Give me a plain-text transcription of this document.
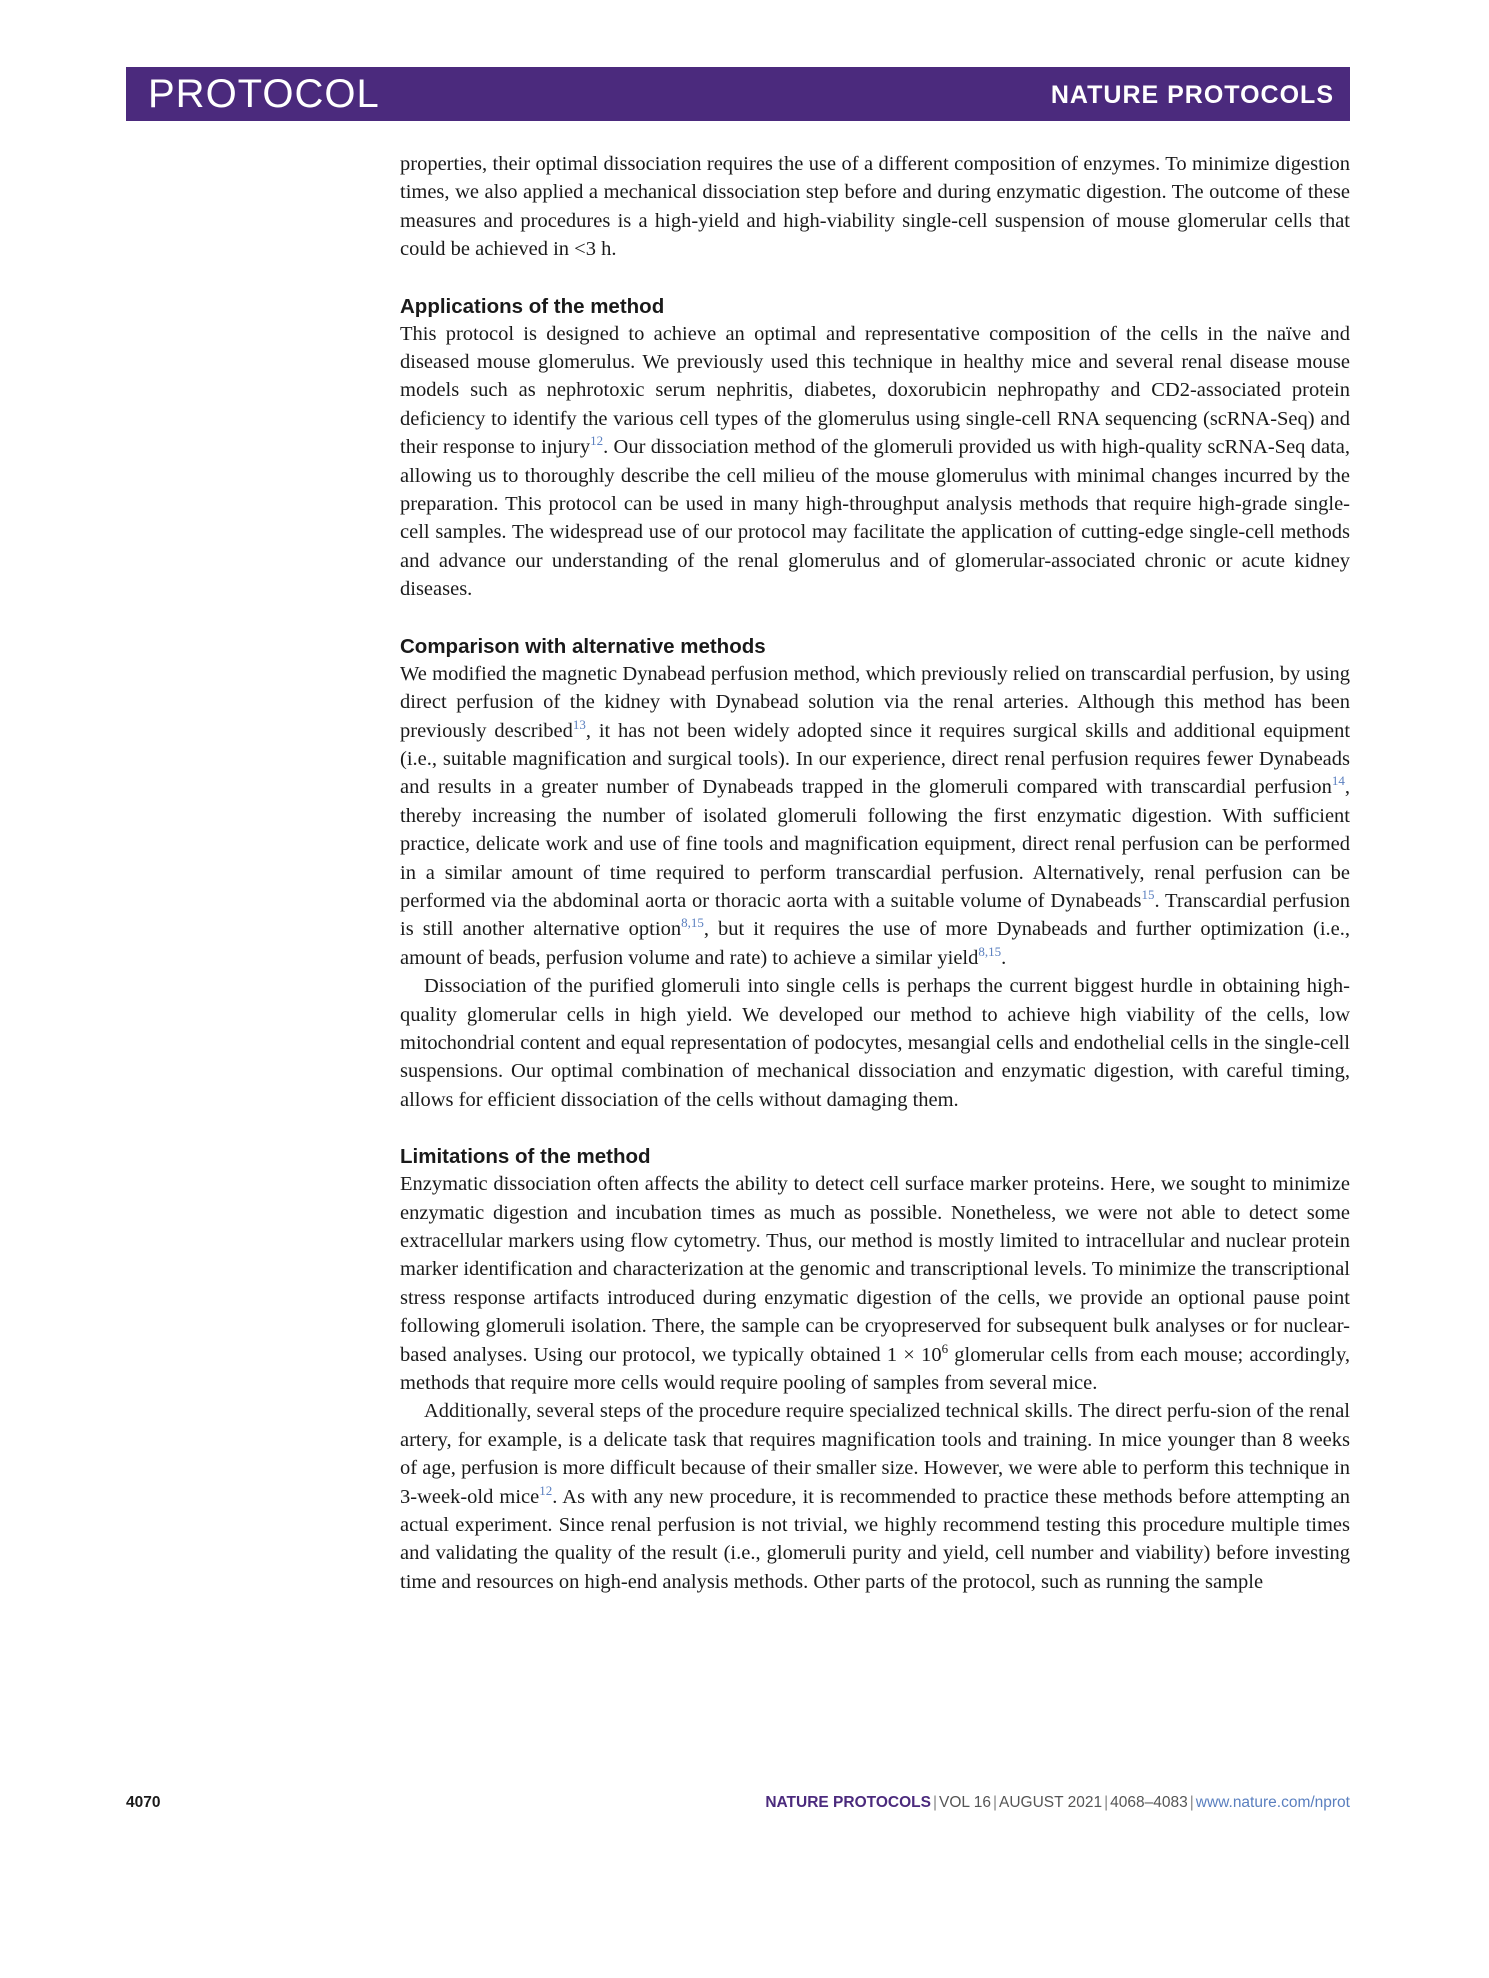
PROTOCOL	NATURE PROTOCOLS

properties, their optimal dissociation requires the use of a different composition of enzymes. To minimize digestion times, we also applied a mechanical dissociation step before and during enzymatic digestion. The outcome of these measures and procedures is a high-yield and high-viability single-cell suspension of mouse glomerular cells that could be achieved in <3 h.

Applications of the method

This protocol is designed to achieve an optimal and representative composition of the cells in the naïve and diseased mouse glomerulus. We previously used this technique in healthy mice and several renal disease mouse models such as nephrotoxic serum nephritis, diabetes, doxorubicin nephropathy and CD2-associated protein deficiency to identify the various cell types of the glomerulus using single-cell RNA sequencing (scRNA-Seq) and their response to injury$^{12}$. Our dissociation method of the glomeruli provided us with high-quality scRNA-Seq data, allowing us to thoroughly describe the cell milieu of the mouse glomerulus with minimal changes incurred by the preparation. This protocol can be used in many high-throughput analysis methods that require high-grade single-cell samples. The widespread use of our protocol may facilitate the application of cutting-edge single-cell methods and advance our understanding of the renal glomerulus and of glomerular-associated chronic or acute kidney diseases.

Comparison with alternative methods

We modified the magnetic Dynabead perfusion method, which previously relied on transcardial perfusion, by using direct perfusion of the kidney with Dynabead solution via the renal arteries. Although this method has been previously described$^{13}$, it has not been widely adopted since it requires surgical skills and additional equipment (i.e., suitable magnification and surgical tools). In our experience, direct renal perfusion requires fewer Dynabeads and results in a greater number of Dynabeads trapped in the glomeruli compared with transcardial perfusion$^{14}$, thereby increasing the number of isolated glomeruli following the first enzymatic digestion. With sufficient practice, delicate work and use of fine tools and magnification equipment, direct renal perfusion can be performed in a similar amount of time required to perform transcardial perfusion. Alternatively, renal perfusion can be performed via the abdominal aorta or thoracic aorta with a suitable volume of Dynabeads$^{15}$. Transcardial perfusion is still another alternative option$^{8,15}$, but it requires the use of more Dynabeads and further optimization (i.e., amount of beads, perfusion volume and rate) to achieve a similar yield$^{8,15}$.

Dissociation of the purified glomeruli into single cells is perhaps the current biggest hurdle in obtaining high-quality glomerular cells in high yield. We developed our method to achieve high viability of the cells, low mitochondrial content and equal representation of podocytes, mesangial cells and endothelial cells in the single-cell suspensions. Our optimal combination of mechanical dissociation and enzymatic digestion, with careful timing, allows for efficient dissociation of the cells without damaging them.

Limitations of the method

Enzymatic dissociation often affects the ability to detect cell surface marker proteins. Here, we sought to minimize enzymatic digestion and incubation times as much as possible. Nonetheless, we were not able to detect some extracellular markers using flow cytometry. Thus, our method is mostly limited to intracellular and nuclear protein marker identification and characterization at the genomic and transcriptional levels. To minimize the transcriptional stress response artifacts introduced during enzymatic digestion of the cells, we provide an optional pause point following glomeruli isolation. There, the sample can be cryopreserved for subsequent bulk analyses or for nuclear-based analyses. Using our protocol, we typically obtained $1 \times 10^6$ glomerular cells from each mouse; accordingly, methods that require more cells would require pooling of samples from several mice.

Additionally, several steps of the procedure require specialized technical skills. The direct perfu-sion of the renal artery, for example, is a delicate task that requires magnification tools and training. In mice younger than 8 weeks of age, perfusion is more difficult because of their smaller size. However, we were able to perform this technique in 3-week-old mice$^{12}$. As with any new procedure, it is recommended to practice these methods before attempting an actual experiment. Since renal perfusion is not trivial, we highly recommend testing this procedure multiple times and validating the quality of the result (i.e., glomeruli purity and yield, cell number and viability) before investing time and resources on high-end analysis methods. Other parts of the protocol, such as running the sample

4070	NATURE PROTOCOLS | VOL 16 | AUGUST 2021 | 4068–4083 | www.nature.com/nprot
